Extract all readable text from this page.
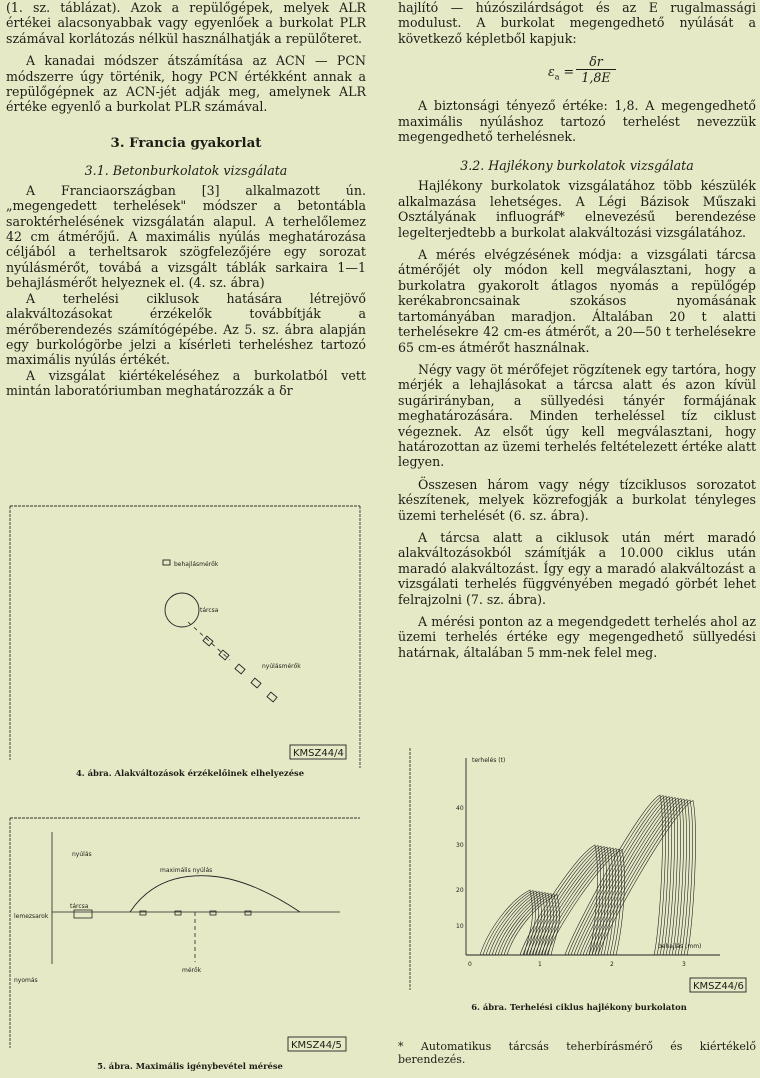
(1. sz. táblázat). Azok a repülőgépek, melyek ALR értékei alacsonyabbak vagy egyenlőek a burkolat PLR számával korlátozás nélkül használhatják a repülőteret.

A kanadai módszer átszámítása az ACN — PCN módszerre úgy történik, hogy PCN értékként annak a repülőgépnek az ACN-jét adják meg, amelynek ALR értéke egyenlő a burkolat PLR számával.

3. Francia gyakorlat
3.1. Betonburkolatok vizsgálata

A Franciaországban [3] alkalmazott ún. „megengedett terhelések" módszer a betontábla saroktérhelésének vizsgálatán alapul. A terhelőlemez 42 cm átmérőjű. A maximális nyúlás meghatározása céljából a terheltsarok szögfelezőjére egy sorozat nyúlásmérőt, továbá a vizsgált táblák sarkaira 1—1 behajlásmérőt helyeznek el. (4. sz. ábra)

A terhelési ciklusok hatására létrejövő alakváltozásokat érzékelők továbbítják a mérőberendezés számítógépébe. Az 5. sz. ábra alapján egy burkológörbe jelzi a kísérleti terheléshez tartozó maximális nyúlás értékét.

A vizsgálat kiértékeléséhez a burkolatból vett mintán laboratóriumban meghatározzák a δr

behajlásmérők
tárcsa
nyúlásmérők
KMSZ44/4
4. ábra. Alakváltozások érzékelőinek elhelyezése
nyúlás
maximális nyúlás
tárcsa
lemezsarok
mérők
nyomás
KMSZ44/5
5. ábra. Maximális igénybevétel mérése

hajlító — húzószilárdságot és az E rugalmassági modulust. A burkolat megengedhető nyúlását a következő képletből kapjuk:

$\varepsilon_a = \frac{\delta r}{1,8E}$

A biztonsági tényező értéke: 1,8. A megengedhető maximális nyúláshoz tartozó terhelést nevezzük megengedhető terhelésnek.

3.2. Hajlékony burkolatok vizsgálata

Hajlékony burkolatok vizsgálatához több készülék alkalmazása lehetséges. A Légi Bázisok Műszaki Osztályának influográf* elnevezésű berendezése legelterjedtebb a burkolat alakváltozási vizsgálatához.

A mérés elvégzésének módja: a vizsgálati tárcsa átmérőjét oly módon kell megválasztani, hogy a burkolatra gyakorolt átlagos nyomás a repülőgép kerékabroncsainak szokásos nyomásának tartományában maradjon. Általában 20 t alatti terhelésekre 42 cm-es átmérőt, a 20—50 t terhelésekre 65 cm-es átmérőt használnak.

Négy vagy öt mérőfejet rögzítenek egy tartóra, hogy mérjék a lehajlásokat a tárcsa alatt és azon kívül sugárirányban, a süllyedési tányér formájának meghatározására. Minden terheléssel tíz ciklust végeznek. Az elsőt úgy kell megválasztani, hogy határozottan az üzemi terhelés feltételezett értéke alatt legyen.

Összesen három vagy négy tízciklusos sorozatot készítenek, melyek közrefogják a burkolat tényleges üzemi terhelését (6. sz. ábra).

A tárcsa alatt a ciklusok után mért maradó alakváltozásokból számítják a 10.000 ciklus után maradó alakváltozást. Így egy a maradó alakváltozást a vizsgálati terhelés függvényében megadó görbét lehet felrajzolni (7. sz. ábra).

A mérési ponton az a megendgedett terhelés ahol az üzemi terhelés értéke egy megengedhető süllyedési határnak, általában 5 mm-nek felel meg.

terhelés (t)
behajlás (mm)
40
30
20
10
0	1	2	3
KMSZ44/6
6. ábra. Terhelési ciklus hajlékony burkolaton

* Automatikus tárcsás teherbírásmérő és kiértékelő berendezés.
